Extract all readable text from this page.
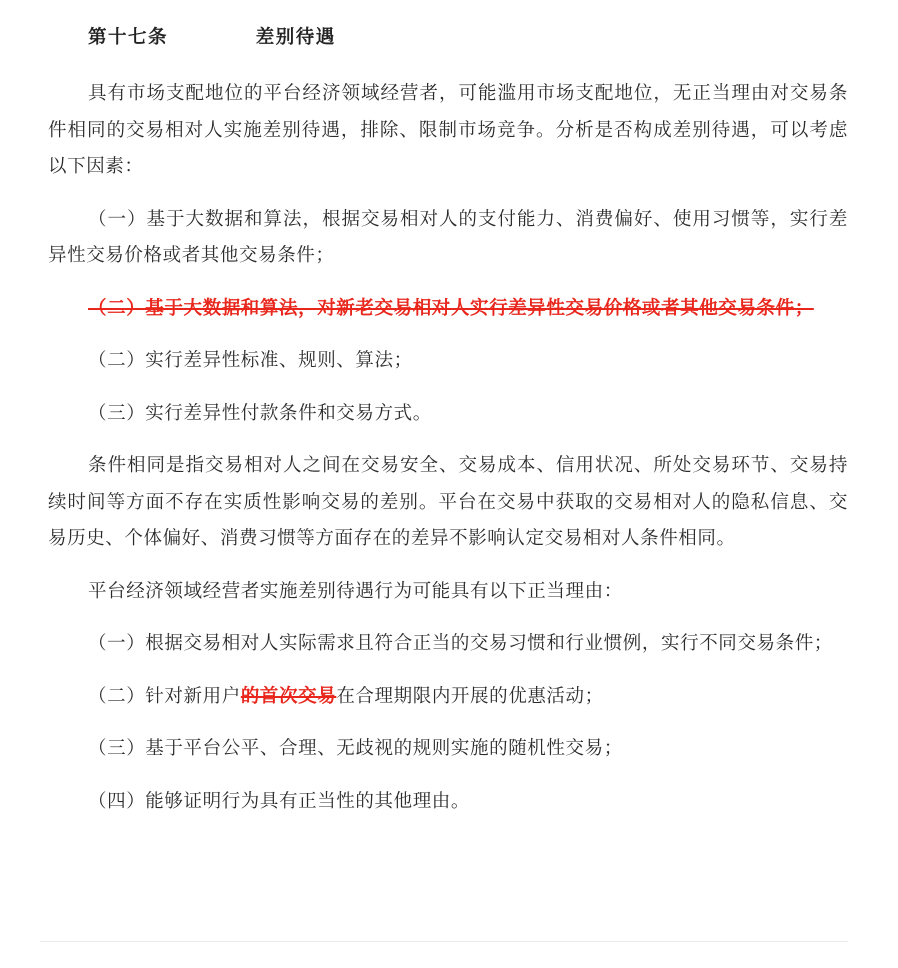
第十七条    差别待遇

具有市场支配地位的平台经济领域经营者，可能滥用市场支配地位，无正当理由对交易条件相同的交易相对人实施差别待遇，排除、限制市场竞争。分析是否构成差别待遇，可以考虑以下因素：

（一）基于大数据和算法，根据交易相对人的支付能力、消费偏好、使用习惯等，实行差异性交易价格或者其他交易条件；

（二）基于大数据和算法，对新老交易相对人实行差异性交易价格或者其他交易条件；

（二）实行差异性标准、规则、算法；

（三）实行差异性付款条件和交易方式。

条件相同是指交易相对人之间在交易安全、交易成本、信用状况、所处交易环节、交易持续时间等方面不存在实质性影响交易的差别。平台在交易中获取的交易相对人的隐私信息、交易历史、个体偏好、消费习惯等方面存在的差异不影响认定交易相对人条件相同。

平台经济领域经营者实施差别待遇行为可能具有以下正当理由：

（一）根据交易相对人实际需求且符合正当的交易习惯和行业惯例，实行不同交易条件；

（二）针对新用户的首次交易在合理期限内开展的优惠活动；

（三）基于平台公平、合理、无歧视的规则实施的随机性交易；

（四）能够证明行为具有正当性的其他理由。
